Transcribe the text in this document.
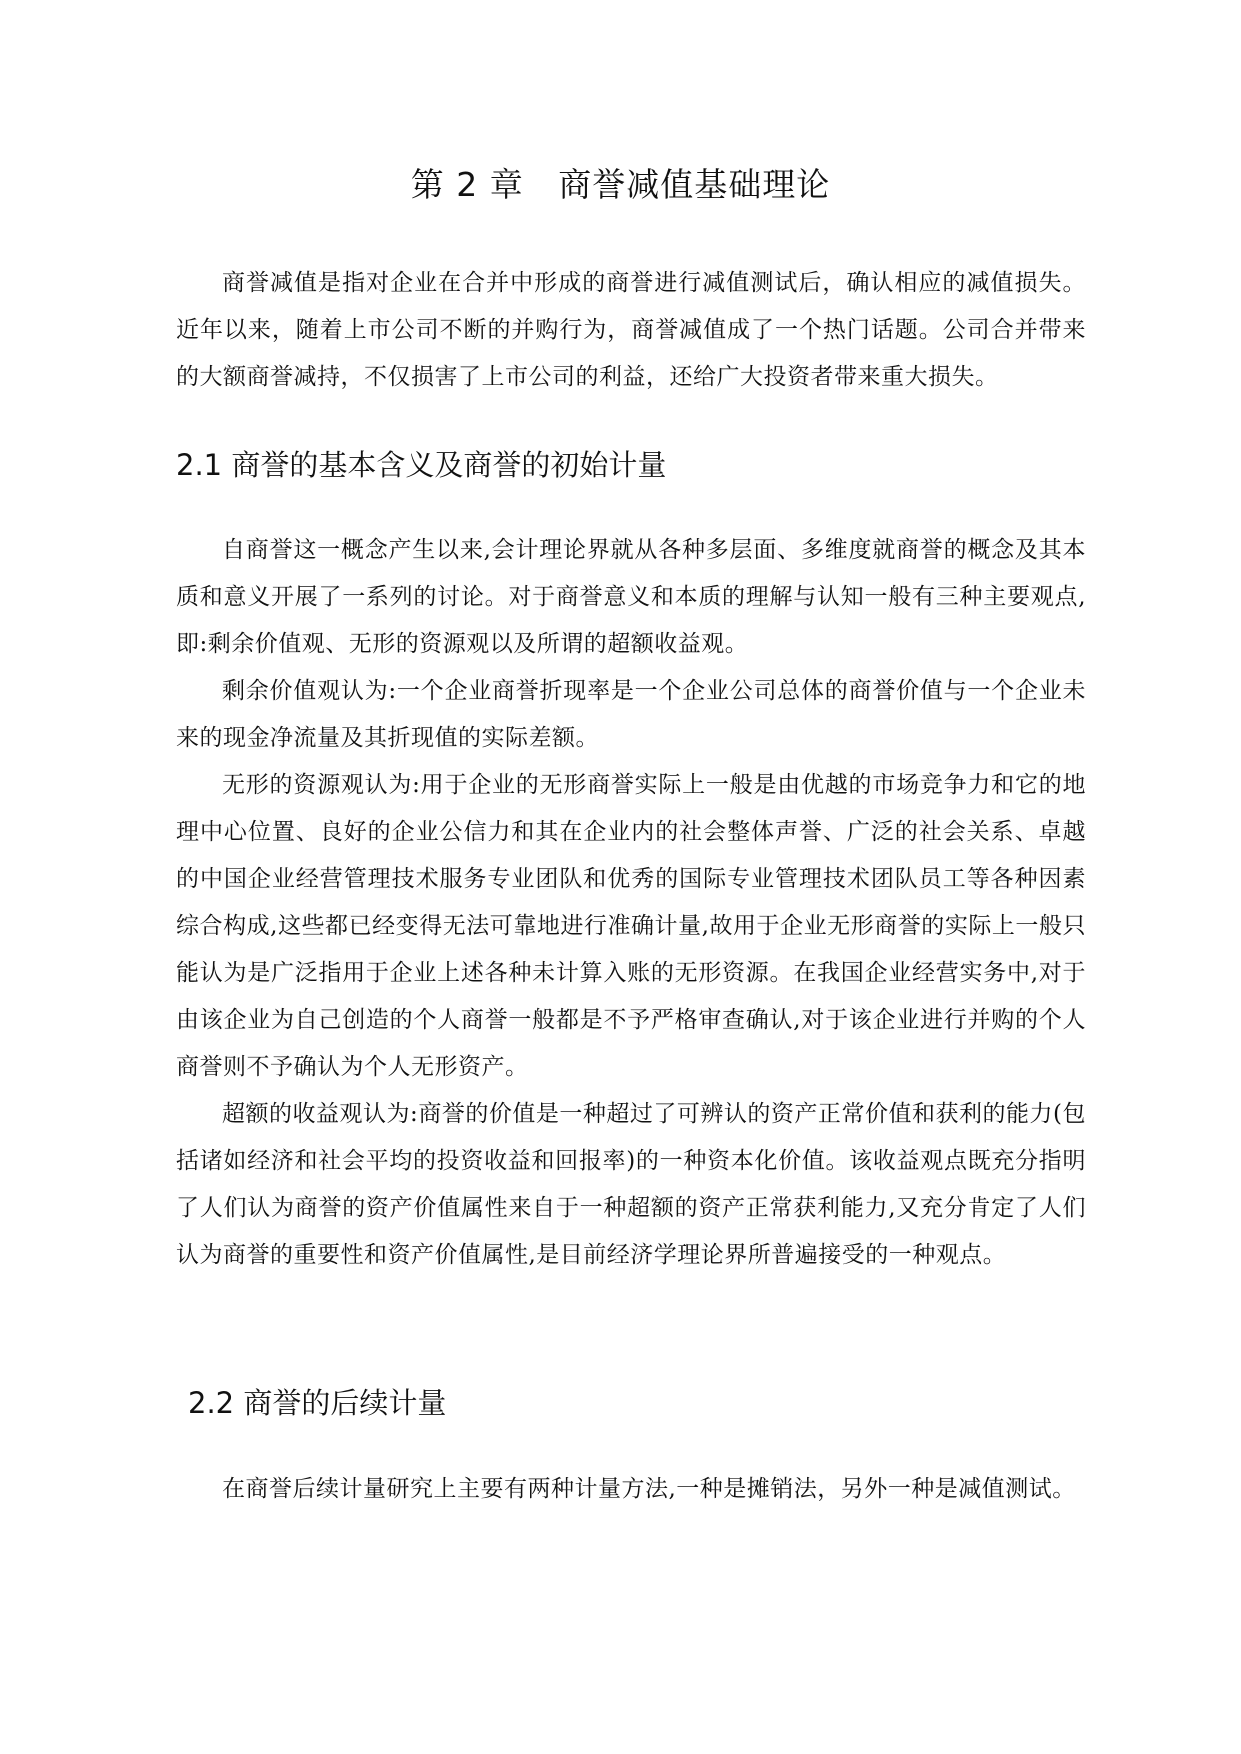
第 2 章   商誉减值基础理论

商誉减值是指对企业在合并中形成的商誉进行减值测试后，确认相应的减值损失。近年以来，随着上市公司不断的并购行为，商誉减值成了一个热门话题。公司合并带来的大额商誉减持，不仅损害了上市公司的利益，还给广大投资者带来重大损失。

2.1 商誉的基本含义及商誉的初始计量

自商誉这一概念产生以来,会计理论界就从各种多层面、多维度就商誉的概念及其本质和意义开展了一系列的讨论。对于商誉意义和本质的理解与认知一般有三种主要观点,即:剩余价值观、无形的资源观以及所谓的超额收益观。

剩余价值观认为:一个企业商誉折现率是一个企业公司总体的商誉价值与一个企业未来的现金净流量及其折现值的实际差额。

无形的资源观认为:用于企业的无形商誉实际上一般是由优越的市场竞争力和它的地理中心位置、良好的企业公信力和其在企业内的社会整体声誉、广泛的社会关系、卓越的中国企业经营管理技术服务专业团队和优秀的国际专业管理技术团队员工等各种因素综合构成,这些都已经变得无法可靠地进行准确计量,故用于企业无形商誉的实际上一般只能认为是广泛指用于企业上述各种未计算入账的无形资源。在我国企业经营实务中,对于由该企业为自己创造的个人商誉一般都是不予严格审查确认,对于该企业进行并购的个人商誉则不予确认为个人无形资产。

超额的收益观认为:商誉的价值是一种超过了可辨认的资产正常价值和获利的能力(包括诸如经济和社会平均的投资收益和回报率)的一种资本化价值。该收益观点既充分指明了人们认为商誉的资产价值属性来自于一种超额的资产正常获利能力,又充分肯定了人们认为商誉的重要性和资产价值属性,是目前经济学理论界所普遍接受的一种观点。

2.2 商誉的后续计量

在商誉后续计量研究上主要有两种计量方法,一种是摊销法，另外一种是减值测试。
